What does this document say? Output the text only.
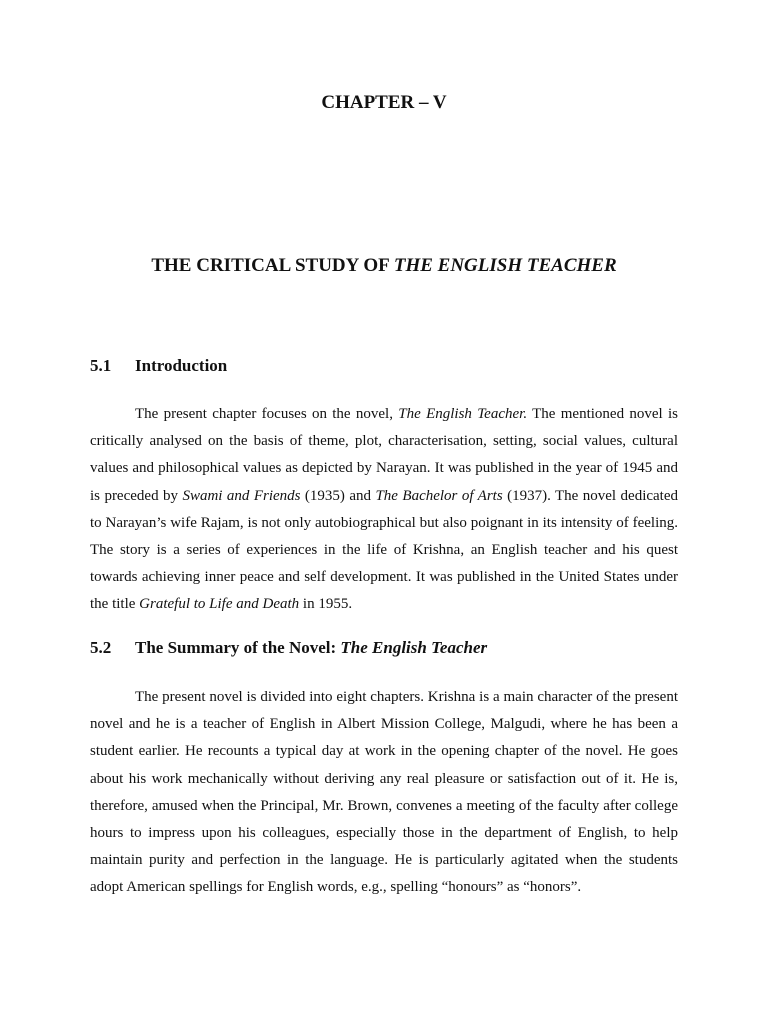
CHAPTER – V
THE CRITICAL STUDY OF THE ENGLISH TEACHER
5.1 Introduction

The present chapter focuses on the novel, The English Teacher. The mentioned novel is critically analysed on the basis of theme, plot, characterisation, setting, social values, cultural values and philosophical values as depicted by Narayan. It was published in the year of 1945 and is preceded by Swami and Friends (1935) and The Bachelor of Arts (1937). The novel dedicated to Narayan’s wife Rajam, is not only autobiographical but also poignant in its intensity of feeling. The story is a series of experiences in the life of Krishna, an English teacher and his quest towards achieving inner peace and self development. It was published in the United States under the title Grateful to Life and Death in 1955.

5.2 The Summary of the Novel: The English Teacher

The present novel is divided into eight chapters. Krishna is a main character of the present novel and he is a teacher of English in Albert Mission College, Malgudi, where he has been a student earlier. He recounts a typical day at work in the opening chapter of the novel. He goes about his work mechanically without deriving any real pleasure or satisfaction out of it. He is, therefore, amused when the Principal, Mr. Brown, convenes a meeting of the faculty after college hours to impress upon his colleagues, especially those in the department of English, to help maintain purity and perfection in the language. He is particularly agitated when the students adopt American spellings for English words, e.g., spelling “honours” as “honors”.
